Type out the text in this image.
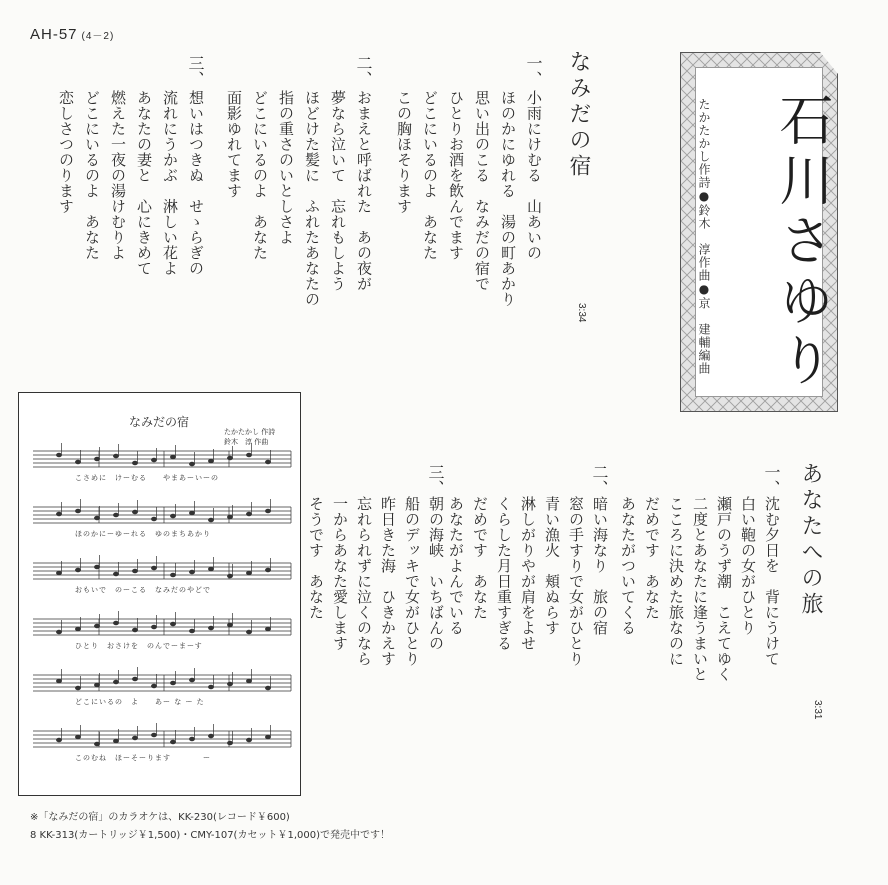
AH-57 (4－2)
なみだの宿
3:34
一、
小雨にけむる　山あいの
ほのかにゆれる　湯の町あかり
思い出のこる　なみだの宿で
ひとりお酒を飲んでます
どこにいるのよ　あなた
この胸ほそります
二、
おまえと呼ばれた　あの夜が
夢なら泣いて　忘れもしよう
ほどけた髪に　ふれたあなたの
指の重さのいとしさよ
どこにいるのよ　あなた
面影ゆれてます
三、
想いはつきぬ　せゝらぎの
流れにうかぶ　淋しい花よ
あなたの妻と　心にきめて
燃えた一夜の湯けむりよ
どこにいるのよ　あなた
恋しさつのります	石川さゆり
たかたかし作詩●鈴木　淳作曲●京　建輔編曲
あなたへの旅
3:31
一、
沈む夕日を　背にうけて
白い鞄の女がひとり
瀬戸のうず潮　こえてゆく
二度とあなたに逢うまいと
こころに決めた旅なのに
だめです　あなた
あなたがついてくる
二、
暗い海なり　旅の宿
窓の手すりで女がひとり
青い漁火　頬ぬらす
淋しがりやが肩をよせ
くらした月日重すぎる
だめです　あなた
あなたがよんでいる
三、
朝の海峡　いちばんの
船のデッキで女がひとり
昨日きた海　ひきかえす
忘れられずに泣くのなら
一からあなた愛します
そうです　あなた
なみだの宿
たかたかし 作詩
鈴木　淳 作曲
こさめに　けーむる　　やまあーいーの
ほのかにーゆーれる　ゆのまちあかり
おもいで　のーこる　なみだのやどで
ひとり　おさけを　のんでーまーす
どこにいるの　よ　　あー な ー た
このむね　ほーそーります　　　　ー
※「なみだの宿」のカラオケは、KK-230(レコード￥600)
8 KK-313(カートリッジ￥1,500)・CMY-107(カセット￥1,000)で発売中です！
